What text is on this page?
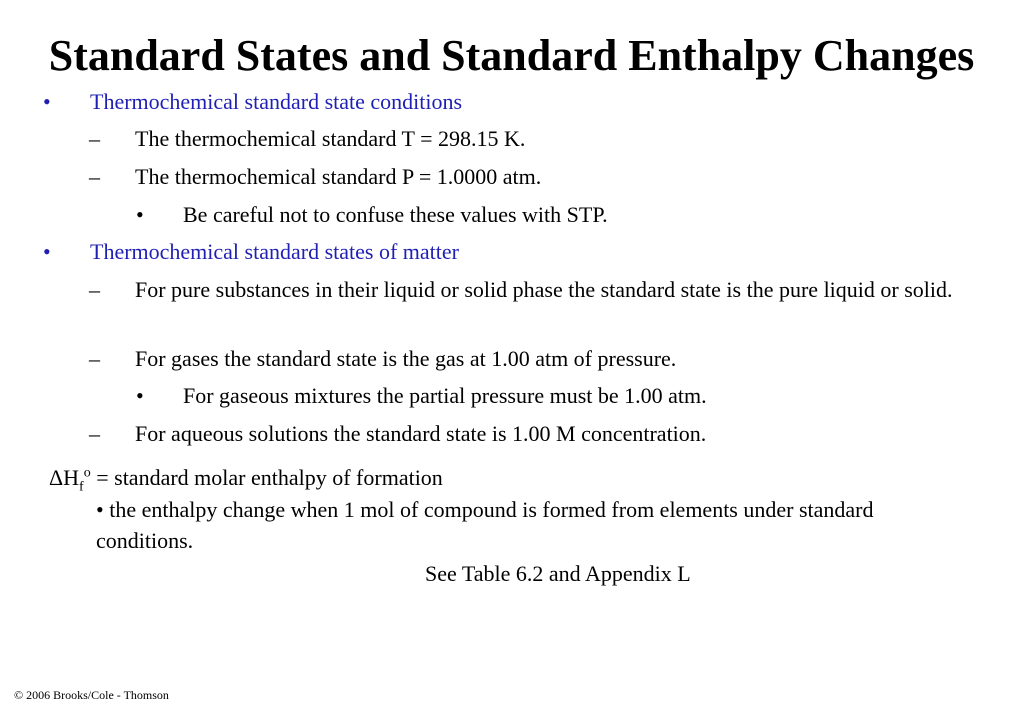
Standard States and Standard Enthalpy Changes
• Thermochemical standard state conditions
– The thermochemical standard T = 298.15 K.
– The thermochemical standard P = 1.0000 atm.
• Be careful not to confuse these values with STP.
• Thermochemical standard states of matter
– For pure substances in their liquid or solid phase the standard state is the pure liquid or solid.
– For gases the standard state is the gas at 1.00 atm of pressure.
• For gaseous mixtures the partial pressure must be 1.00 atm.
– For aqueous solutions the standard state is 1.00 M concentration.
$\Delta H_f^o$ = standard molar enthalpy of formation
• the enthalpy change when 1 mol of compound is formed from elements under standard conditions.
See Table 6.2 and Appendix L
© 2006 Brooks/Cole - Thomson
